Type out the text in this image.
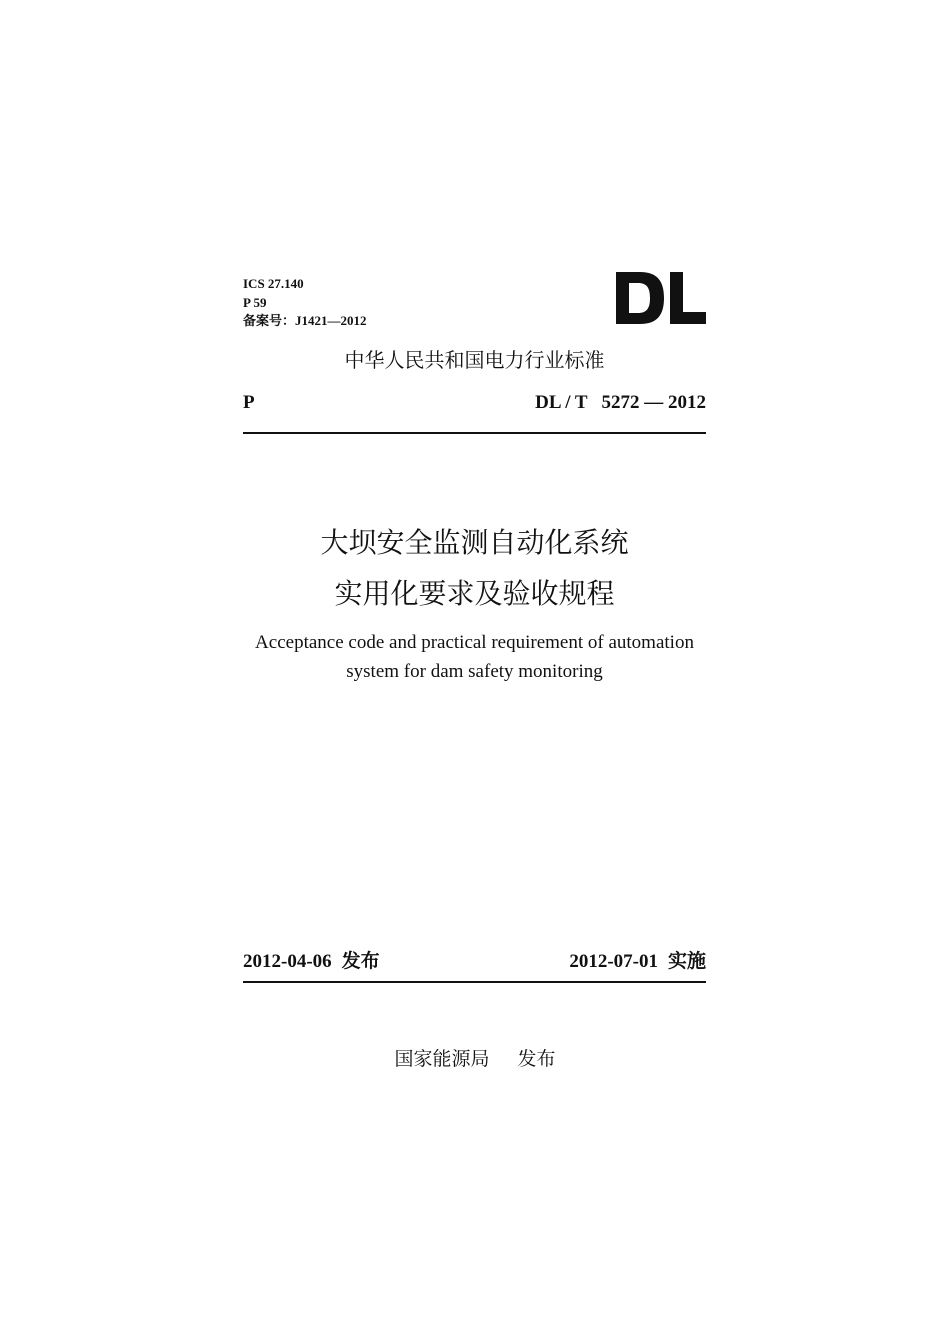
ICS 27.140
P 59
备案号：J1421—2012
中华人民共和国电力行业标准
P	DL / T   5272 — 2012
大坝安全监测自动化系统
实用化要求及验收规程
Acceptance code and practical requirement of automation
system for dam safety monitoring
2012-04-06 发布	2012-07-01 实施
国家能源局 发布
